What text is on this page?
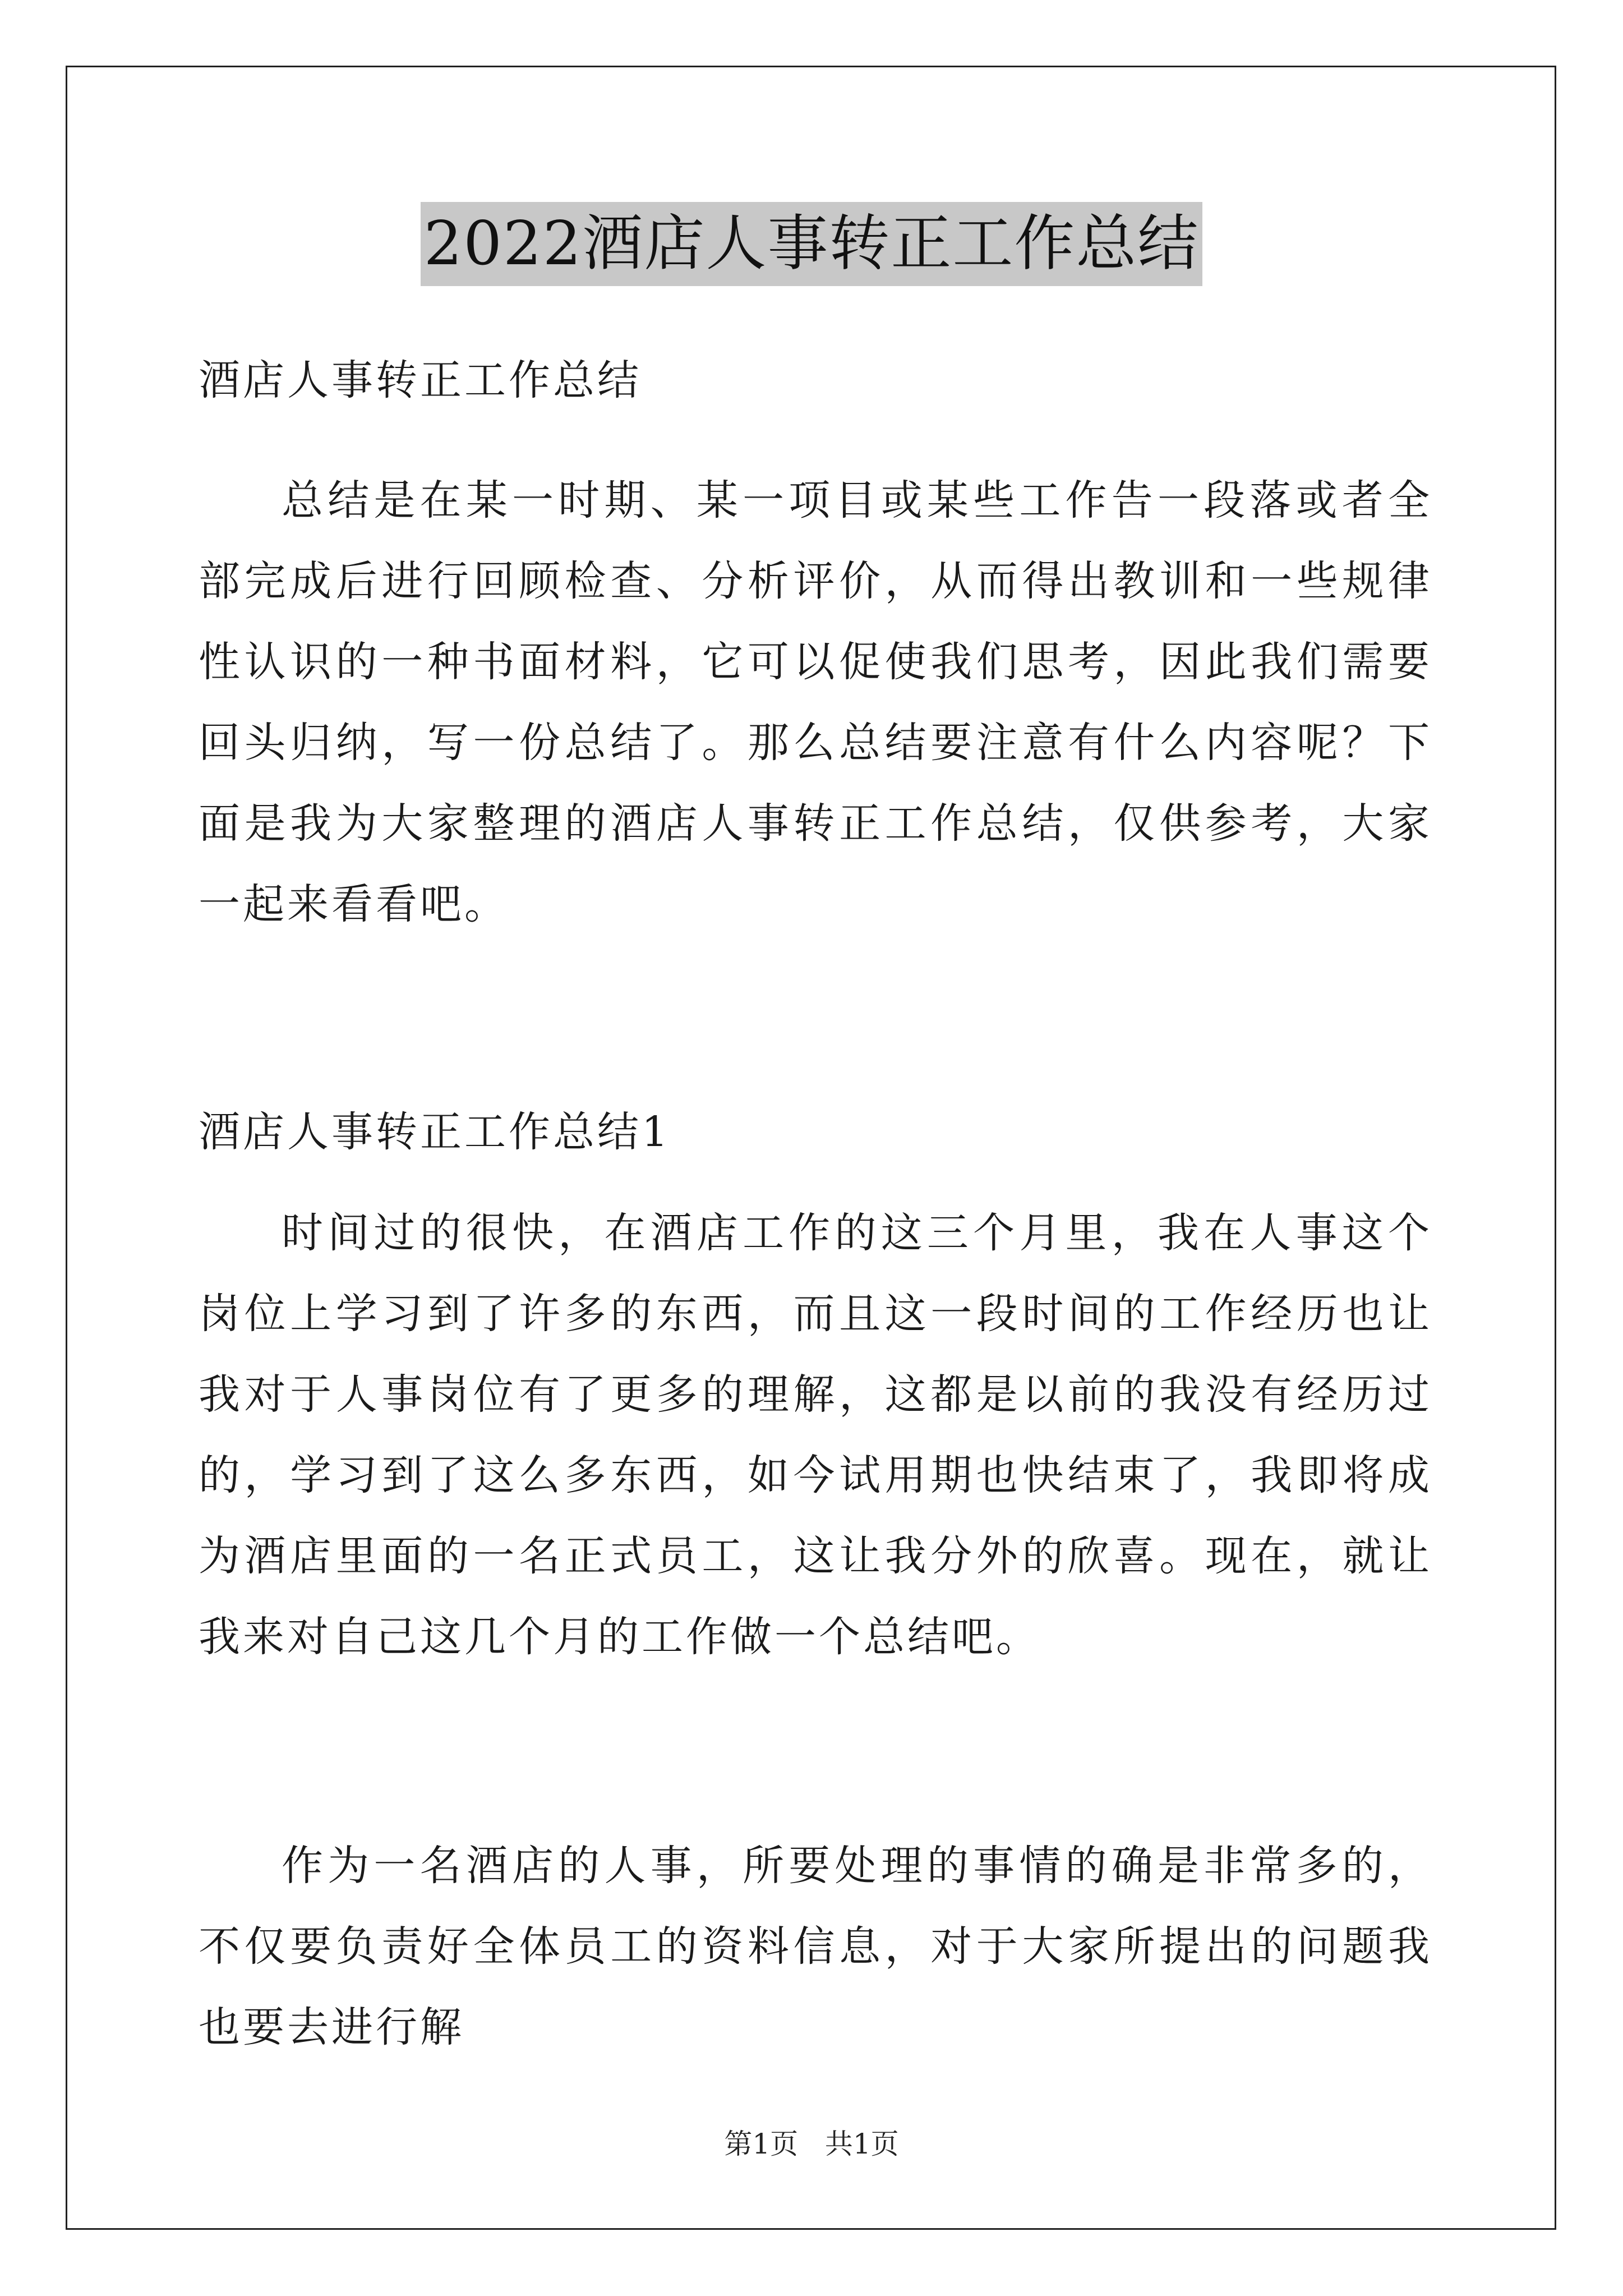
2022酒店人事转正工作总结

酒店人事转正工作总结

总结是在某一时期、某一项目或某些工作告一段落或者全部完成后进行回顾检查、分析评价，从而得出教训和一些规律性认识的一种书面材料，它可以促使我们思考，因此我们需要回头归纳，写一份总结了。那么总结要注意有什么内容呢？下面是我为大家整理的酒店人事转正工作总结，仅供参考，大家一起来看看吧。

酒店人事转正工作总结1

时间过的很快，在酒店工作的这三个月里，我在人事这个岗位上学习到了许多的东西，而且这一段时间的工作经历也让我对于人事岗位有了更多的理解，这都是以前的我没有经历过的，学习到了这么多东西，如今试用期也快结束了，我即将成为酒店里面的一名正式员工，这让我分外的欣喜。现在，就让我来对自己这几个月的工作做一个总结吧。

作为一名酒店的人事，所要处理的事情的确是非常多的，不仅要负责好全体员工的资料信息，对于大家所提出的问题我也要去进行解

第1页   共1页
